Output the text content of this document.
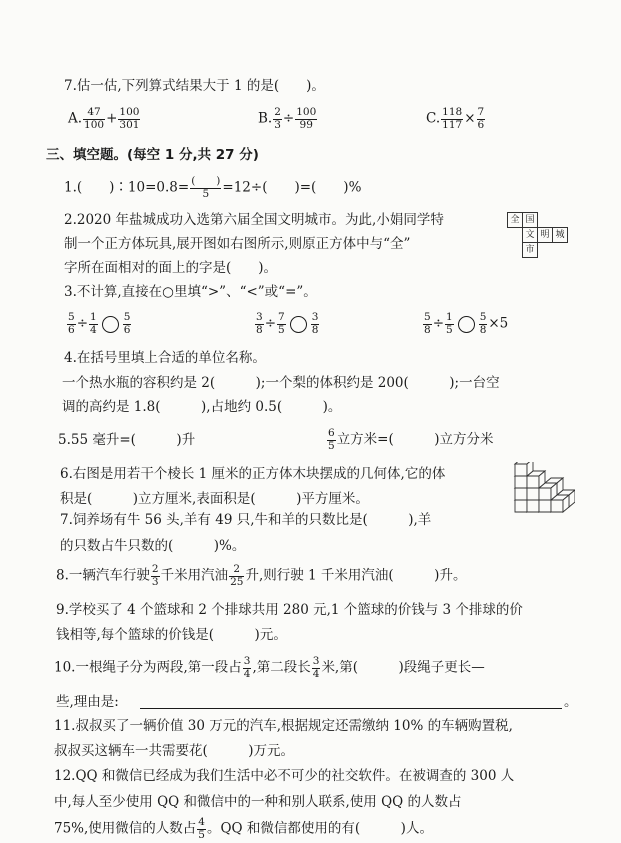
7.估一估,下列算式结果大于 1 的是(　　)。
A. $\frac{47}{100} + \frac{100}{301}$	B. $\frac{2}{3} \div \frac{100}{99}$	C. $\frac{118}{117} \times \frac{7}{6}$
三、填空题。(每空 1 分,共 27 分)
1.(　　)∶10=0.8= $\frac{( )}{5} =12\div$(　　)=(　　)%
2.2020 年盐城成功入选第六届全国文明城市。为此,小娟同学特
制一个正方体玩具,展开图如右图所示,则原正方体中与“全”
字所在面相对的面上的字是(　　)。
全 国
文 明 城
市
3.不计算,直接在○里填“>”、“<”或“=”。
$\frac{5}{6} \div \frac{1}{4} \frac{5}{6}$	$\frac{3}{8} \div \frac{7}{5} \frac{3}{8}$	$\frac{5}{8} \div \frac{1}{5} \frac{5}{8} \times 5$
4.在括号里填上合适的单位名称。
一个热水瓶的容积约是 2(　　　);一个梨的体积约是 200(　　　);一台空
调的高约是 1.8(　　　),占地约 0.5(　　　)。
5.55 毫升=(　　　)升	$\frac{6}{5}$ 立方米=(　　　)立方分米
6.右图是用若干个棱长 1 厘米的正方体木块摆成的几何体,它的体
积是(　　　)立方厘米,表面积是(　　　)平方厘米。
7.饲养场有牛 56 头,羊有 49 只,牛和羊的只数比是(　　　),羊
的只数占牛只数的(　　　)%。
8.一辆汽车行驶 $\frac{2}{3}$ 千米用汽油 $\frac{2}{25}$ 升,则行驶 1 千米用汽油(　　　)升。
9.学校买了 4 个篮球和 2 个排球共用 280 元,1 个篮球的价钱与 3 个排球的价
钱相等,每个篮球的价钱是(　　　)元。
10.一根绳子分为两段,第一段占 $\frac{3}{4}$ ,第二段长 $\frac{3}{4}$ 米,第(　　　)段绳子更长—
些,理由是:	。
11.叔叔买了一辆价值 30 万元的汽车,根据规定还需缴纳 10% 的车辆购置税,
叔叔买这辆车一共需要花(　　　)万元。
12.QQ 和微信已经成为我们生活中必不可少的社交软件。在被调查的 300 人
中,每人至少使用 QQ 和微信中的一种和别人联系,使用 QQ 的人数占
75%,使用微信的人数占 $\frac{4}{5}$ 。QQ 和微信都使用的有(　　　)人。
